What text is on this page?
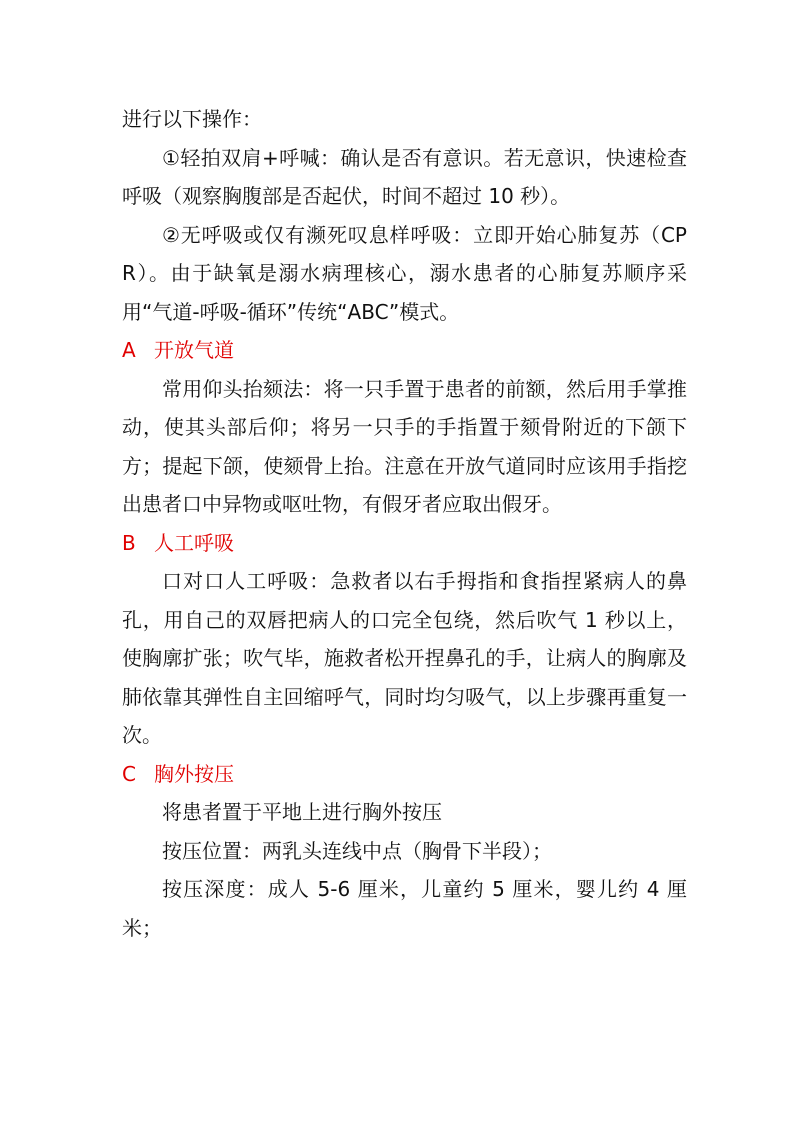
进行以下操作：

①轻拍双肩+呼喊：确认是否有意识。若无意识，快速检查呼吸（观察胸腹部是否起伏，时间不超过 10 秒）。

②无呼吸或仅有濒死叹息样呼吸：立即开始心肺复苏（CPR）。由于缺氧是溺水病理核心，溺水患者的心肺复苏顺序采用“气道-呼吸-循环”传统“ABC”模式。

A 开放气道

常用仰头抬颏法：将一只手置于患者的前额，然后用手掌推动，使其头部后仰；将另一只手的手指置于颏骨附近的下颌下方；提起下颌，使颏骨上抬。注意在开放气道同时应该用手指挖出患者口中异物或呕吐物，有假牙者应取出假牙。

B 人工呼吸

口对口人工呼吸：急救者以右手拇指和食指捏紧病人的鼻孔，用自己的双唇把病人的口完全包绕，然后吹气 1 秒以上，使胸廓扩张；吹气毕，施救者松开捏鼻孔的手，让病人的胸廓及肺依靠其弹性自主回缩呼气，同时均匀吸气，以上步骤再重复一次。

C 胸外按压

将患者置于平地上进行胸外按压

按压位置：两乳头连线中点（胸骨下半段）；

按压深度：成人 5-6 厘米，儿童约 5 厘米，婴儿约 4 厘米；
